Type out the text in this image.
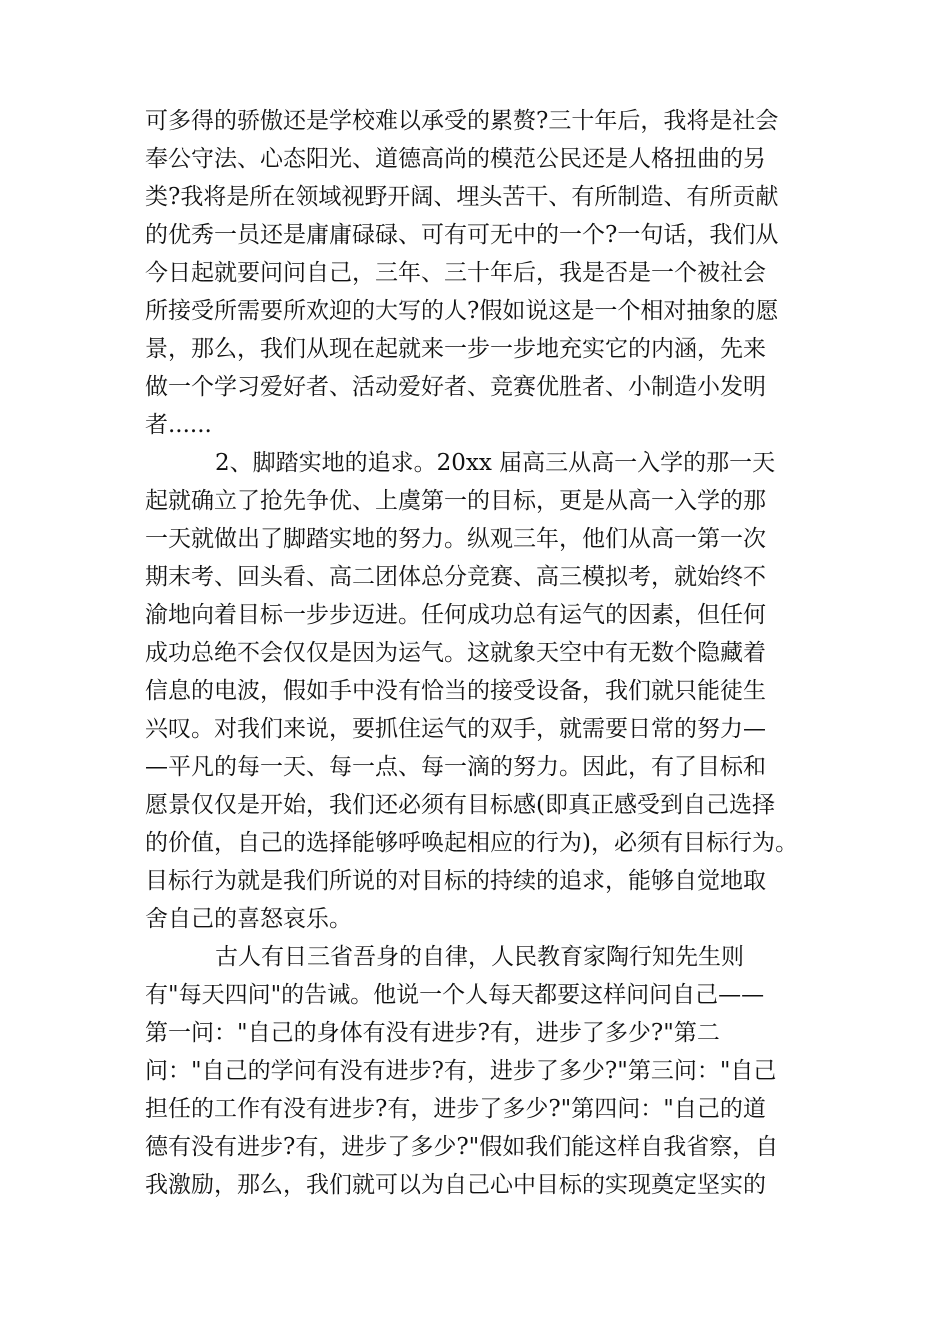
可多得的骄傲还是学校难以承受的累赘?三十年后，我将是社会
奉公守法、心态阳光、道德高尚的模范公民还是人格扭曲的另
类?我将是所在领域视野开阔、埋头苦干、有所制造、有所贡献
的优秀一员还是庸庸碌碌、可有可无中的一个?一句话，我们从
今日起就要问问自己，三年、三十年后，我是否是一个被社会
所接受所需要所欢迎的大写的人?假如说这是一个相对抽象的愿
景，那么，我们从现在起就来一步一步地充实它的内涵，先来
做一个学习爱好者、活动爱好者、竞赛优胜者、小制造小发明
者......
2、脚踏实地的追求。20xx 届高三从高一入学的那一天
起就确立了抢先争优、上虞第一的目标，更是从高一入学的那
一天就做出了脚踏实地的努力。纵观三年，他们从高一第一次
期末考、回头看、高二团体总分竞赛、高三模拟考，就始终不
渝地向着目标一步步迈进。任何成功总有运气的因素，但任何
成功总绝不会仅仅是因为运气。这就象天空中有无数个隐藏着
信息的电波，假如手中没有恰当的接受设备，我们就只能徒生
兴叹。对我们来说，要抓住运气的双手，就需要日常的努力—
—平凡的每一天、每一点、每一滴的努力。因此，有了目标和
愿景仅仅是开始，我们还必须有目标感(即真正感受到自己选择
的价值，自己的选择能够呼唤起相应的行为)，必须有目标行为。
目标行为就是我们所说的对目标的持续的追求，能够自觉地取
舍自己的喜怒哀乐。
古人有日三省吾身的自律，人民教育家陶行知先生则
有"每天四问"的告诫。他说一个人每天都要这样问问自己——
第一问："自己的身体有没有进步?有，进步了多少?"第二
问："自己的学问有没有进步?有，进步了多少?"第三问："自己
担任的工作有没有进步?有，进步了多少?"第四问："自己的道
德有没有进步?有，进步了多少?"假如我们能这样自我省察，自
我激励，那么，我们就可以为自己心中目标的实现奠定坚实的
